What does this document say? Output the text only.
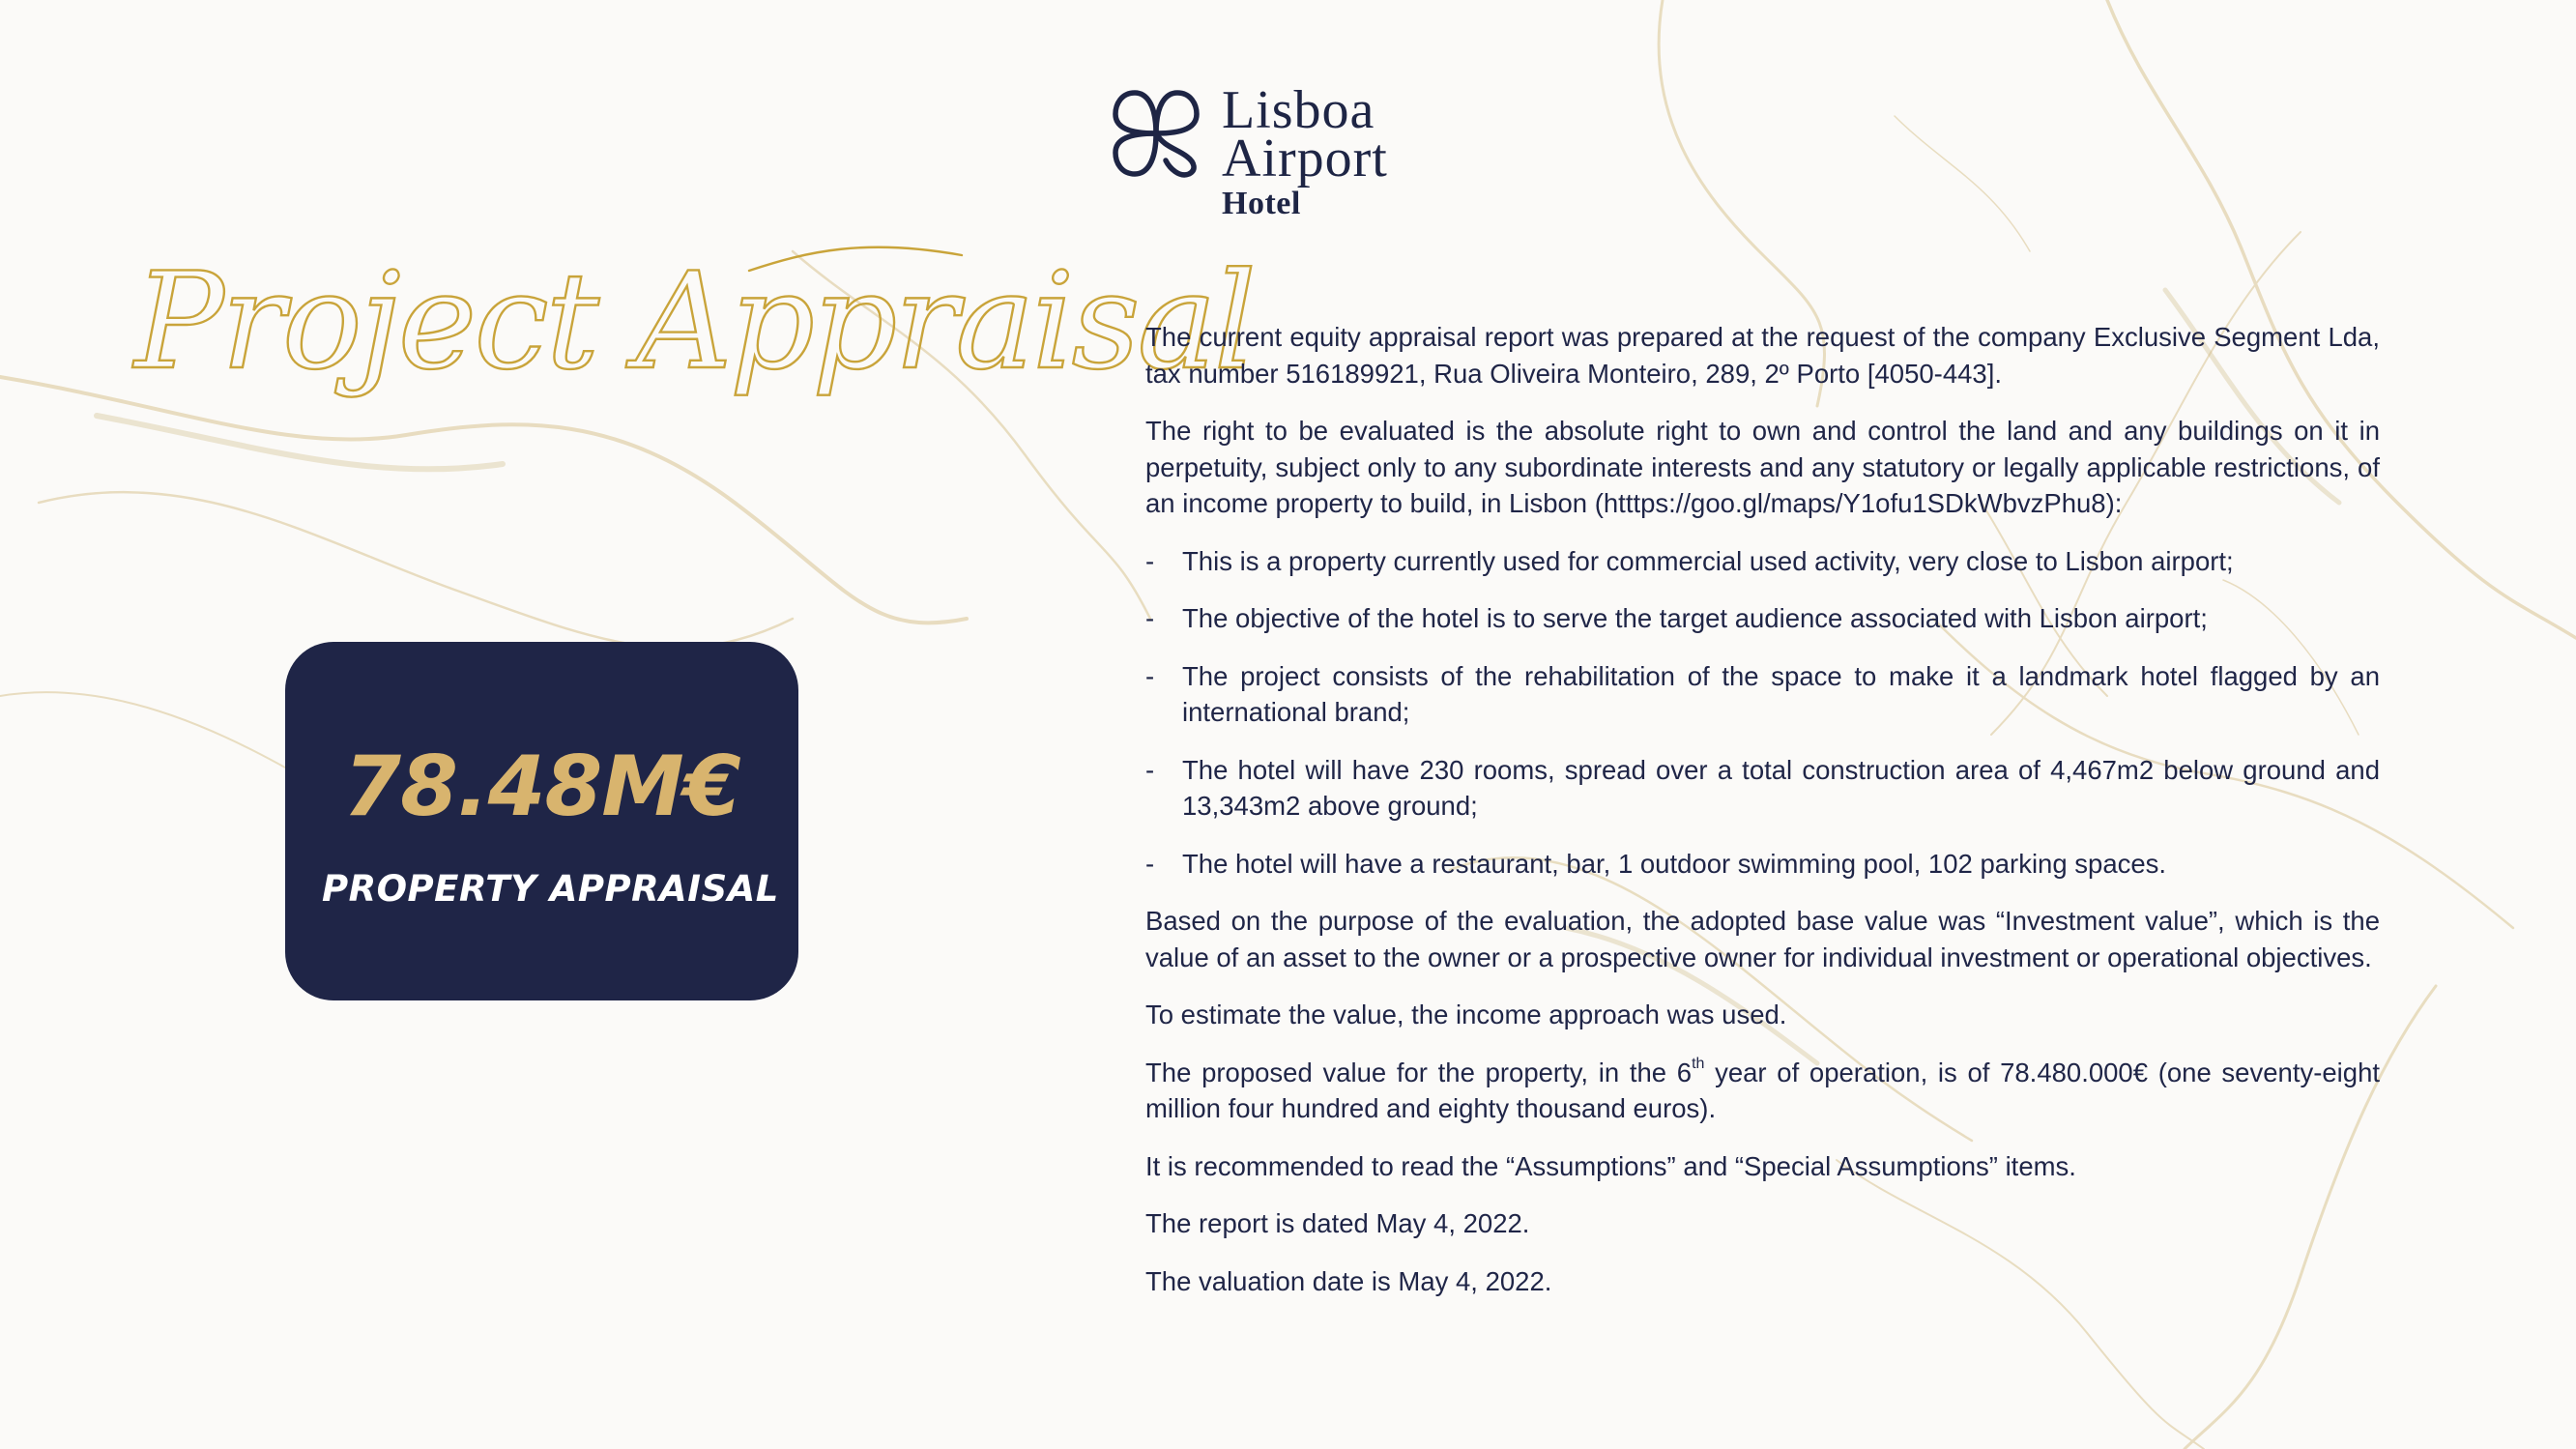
Lisboa
Airport
Hotel
Project Appraisal
78.48M€
PROPERTY APPRAISAL

The current equity appraisal report was prepared at the request of the company Exclusive Segment Lda, tax number 516189921, Rua Oliveira Monteiro, 289, 2º Porto [4050-443].

The right to be evaluated is the absolute right to own and control the land and any buildings on it in perpetuity, subject only to any subordinate interests and any statutory or legally applicable restrictions, of an income property to build, in Lisbon (htttps://goo.gl/maps/Y1ofu1SDkWbvzPhu8):

- This is a property currently used for commercial used activity, very close to Lisbon airport;
- The objective of the hotel is to serve the target audience associated with Lisbon airport;
- The project consists of the rehabilitation of the space to make it a landmark hotel flagged by an international brand;
- The hotel will have 230 rooms, spread over a total construction area of 4,467m2 below ground and 13,343m2 above ground;
- The hotel will have a restaurant, bar, 1 outdoor swimming pool, 102 parking spaces.

Based on the purpose of the evaluation, the adopted base value was “Investment value”, which is the value of an asset to the owner or a prospective owner for individual investment or operational objectives.

To estimate the value, the income approach was used.

The proposed value for the property, in the 6th year of operation, is of 78.480.000€ (one seventy-eight million four hundred and eighty thousand euros).

It is recommended to read the “Assumptions” and “Special Assumptions” items.

The report is dated May 4, 2022.

The valuation date is May 4, 2022.
